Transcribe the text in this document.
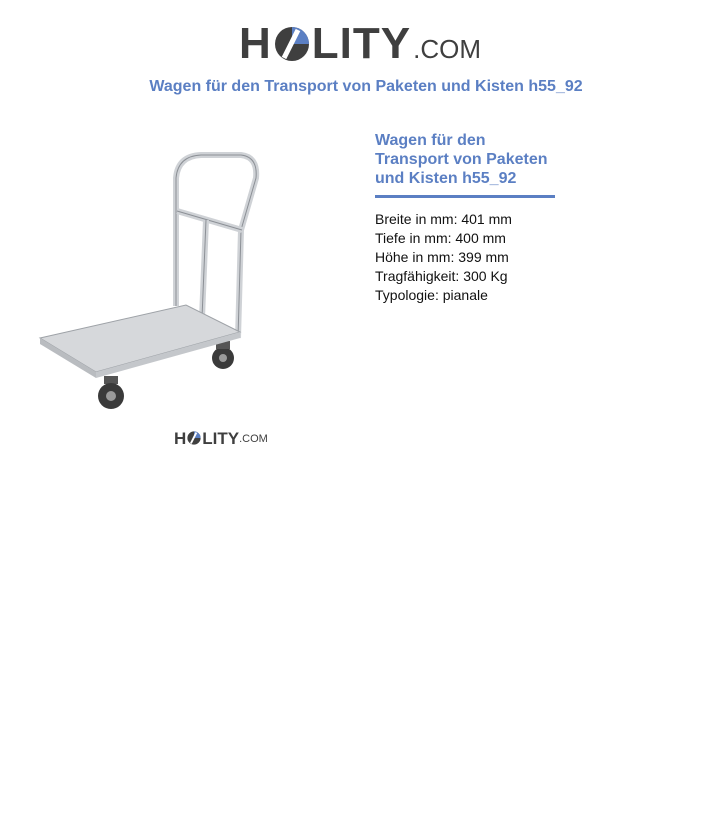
H LITY .COM
Wagen für den Transport von Paketen und Kisten h55_92
H LITY .COM
Wagen für den Transport von Paketen und Kisten h55_92
Breite in mm: 401 mm
Tiefe in mm: 400 mm
Höhe in mm: 399 mm
Tragfähigkeit: 300 Kg
Typologie: pianale
